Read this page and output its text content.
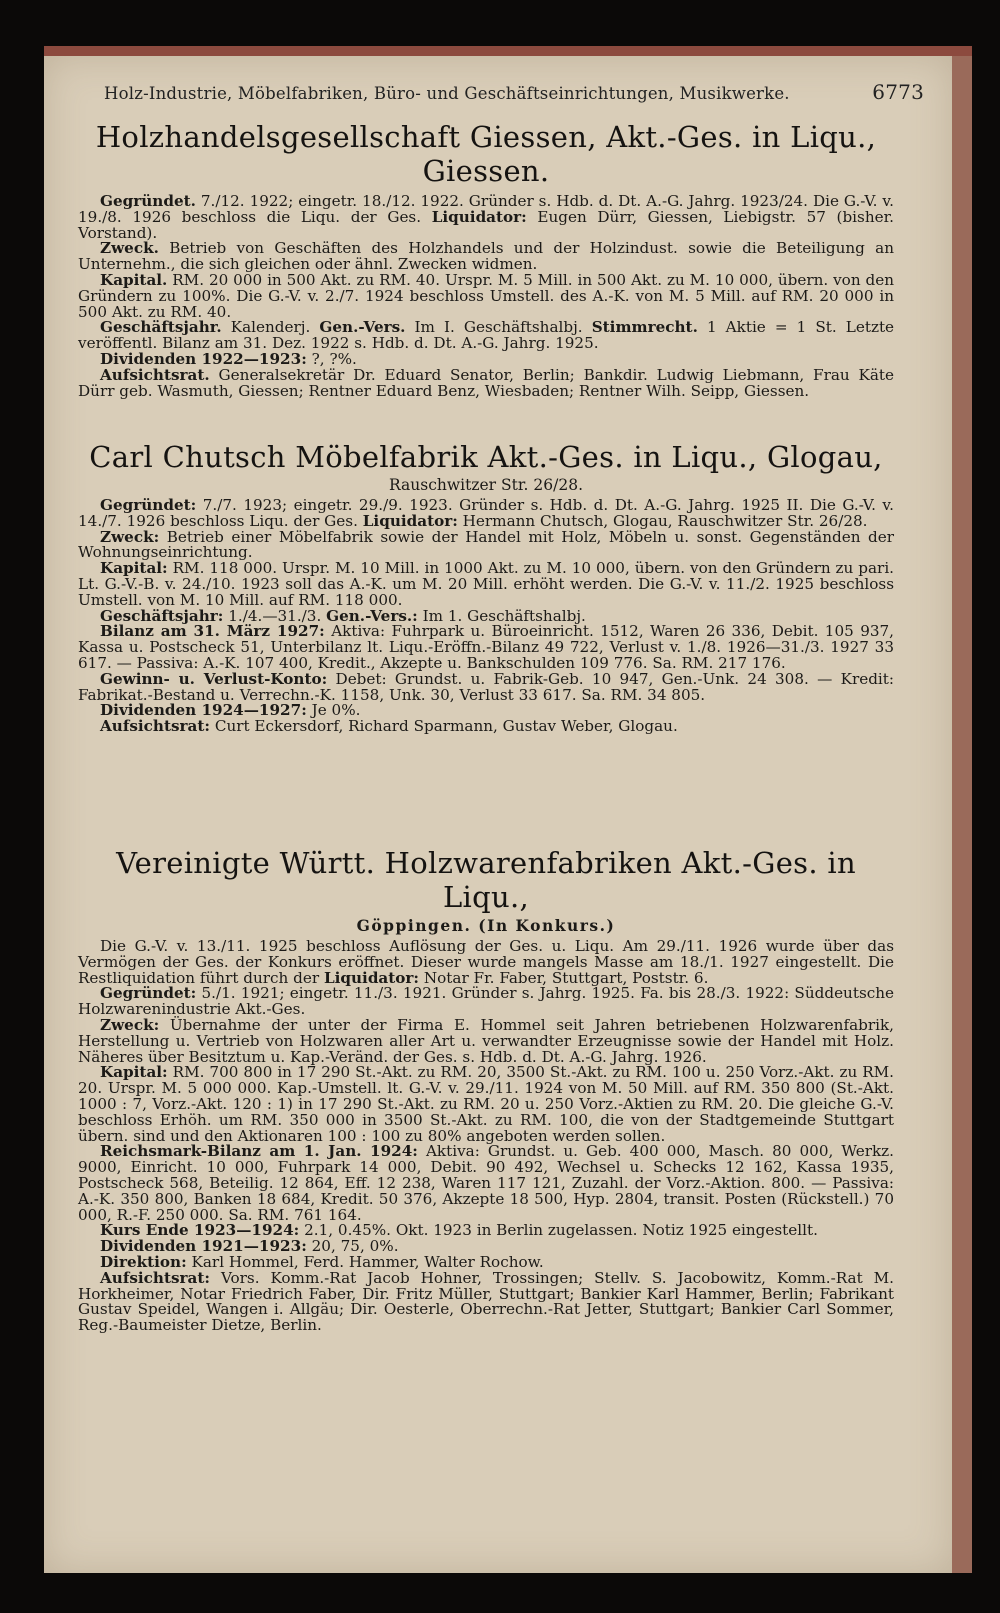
Holz-Industrie, Möbelfabriken, Büro- und Geschäftseinrichtungen, Musikwerke.	6773
Holzhandelsgesellschaft Giessen, Akt.-Ges. in Liqu., Giessen.

Gegründet. 7./12. 1922; eingetr. 18./12. 1922. Gründer s. Hdb. d. Dt. A.-G. Jahrg. 1923/24. Die G.-V. v. 19./8. 1926 beschloss die Liqu. der Ges. Liquidator: Eugen Dürr, Giessen, Liebigstr. 57 (bisher. Vorstand).

Zweck. Betrieb von Geschäften des Holzhandels und der Holzindust. sowie die Beteiligung an Unternehm., die sich gleichen oder ähnl. Zwecken widmen.

Kapital. RM. 20 000 in 500 Akt. zu RM. 40. Urspr. M. 5 Mill. in 500 Akt. zu M. 10 000, übern. von den Gründern zu 100%. Die G.-V. v. 2./7. 1924 beschloss Umstell. des A.-K. von M. 5 Mill. auf RM. 20 000 in 500 Akt. zu RM. 40.

Geschäftsjahr. Kalenderj. Gen.-Vers. Im I. Geschäftshalbj. Stimmrecht. 1 Aktie = 1 St. Letzte veröffentl. Bilanz am 31. Dez. 1922 s. Hdb. d. Dt. A.-G. Jahrg. 1925.

Dividenden 1922—1923: ?, ?%.

Aufsichtsrat. Generalsekretär Dr. Eduard Senator, Berlin; Bankdir. Ludwig Liebmann, Frau Käte Dürr geb. Wasmuth, Giessen; Rentner Eduard Benz, Wiesbaden; Rentner Wilh. Seipp, Giessen.

Carl Chutsch Möbelfabrik Akt.-Ges. in Liqu., Glogau,
Rauschwitzer Str. 26/28.

Gegründet: 7./7. 1923; eingetr. 29./9. 1923. Gründer s. Hdb. d. Dt. A.-G. Jahrg. 1925 II. Die G.-V. v. 14./7. 1926 beschloss Liqu. der Ges. Liquidator: Hermann Chutsch, Glogau, Rauschwitzer Str. 26/28.

Zweck: Betrieb einer Möbelfabrik sowie der Handel mit Holz, Möbeln u. sonst. Gegenständen der Wohnungseinrichtung.

Kapital: RM. 118 000. Urspr. M. 10 Mill. in 1000 Akt. zu M. 10 000, übern. von den Gründern zu pari. Lt. G.-V.-B. v. 24./10. 1923 soll das A.-K. um M. 20 Mill. erhöht werden. Die G.-V. v. 11./2. 1925 beschloss Umstell. von M. 10 Mill. auf RM. 118 000.

Geschäftsjahr: 1./4.—31./3. Gen.-Vers.: Im 1. Geschäftshalbj.

Bilanz am 31. März 1927: Aktiva: Fuhrpark u. Büroeinricht. 1512, Waren 26 336, Debit. 105 937, Kassa u. Postscheck 51, Unterbilanz lt. Liqu.-Eröffn.-Bilanz 49 722, Verlust v. 1./8. 1926—31./3. 1927 33 617. — Passiva: A.-K. 107 400, Kredit., Akzepte u. Bankschulden 109 776. Sa. RM. 217 176.

Gewinn- u. Verlust-Konto: Debet: Grundst. u. Fabrik-Geb. 10 947, Gen.-Unk. 24 308. — Kredit: Fabrikat.-Bestand u. Verrechn.-K. 1158, Unk. 30, Verlust 33 617. Sa. RM. 34 805.

Dividenden 1924—1927: Je 0%.

Aufsichtsrat: Curt Eckersdorf, Richard Sparmann, Gustav Weber, Glogau.

Vereinigte Württ. Holzwarenfabriken Akt.-Ges. in Liqu.,
Göppingen. (In Konkurs.)

Die G.-V. v. 13./11. 1925 beschloss Auflösung der Ges. u. Liqu. Am 29./11. 1926 wurde über das Vermögen der Ges. der Konkurs eröffnet. Dieser wurde mangels Masse am 18./1. 1927 eingestellt. Die Restliquidation führt durch der Liquidator: Notar Fr. Faber, Stuttgart, Poststr. 6.

Gegründet: 5./1. 1921; eingetr. 11./3. 1921. Gründer s. Jahrg. 1925. Fa. bis 28./3. 1922: Süddeutsche Holzwarenindustrie Akt.-Ges.

Zweck: Übernahme der unter der Firma E. Hommel seit Jahren betriebenen Holzwarenfabrik, Herstellung u. Vertrieb von Holzwaren aller Art u. verwandter Erzeugnisse sowie der Handel mit Holz. Näheres über Besitztum u. Kap.-Veränd. der Ges. s. Hdb. d. Dt. A.-G. Jahrg. 1926.

Kapital: RM. 700 800 in 17 290 St.-Akt. zu RM. 20, 3500 St.-Akt. zu RM. 100 u. 250 Vorz.-Akt. zu RM. 20. Urspr. M. 5 000 000. Kap.-Umstell. lt. G.-V. v. 29./11. 1924 von M. 50 Mill. auf RM. 350 800 (St.-Akt. 1000 : 7, Vorz.-Akt. 120 : 1) in 17 290 St.-Akt. zu RM. 20 u. 250 Vorz.-Aktien zu RM. 20. Die gleiche G.-V. beschloss Erhöh. um RM. 350 000 in 3500 St.-Akt. zu RM. 100, die von der Stadtgemeinde Stuttgart übern. sind und den Aktionaren 100 : 100 zu 80% angeboten werden sollen.

Reichsmark-Bilanz am 1. Jan. 1924: Aktiva: Grundst. u. Geb. 400 000, Masch. 80 000, Werkz. 9000, Einricht. 10 000, Fuhrpark 14 000, Debit. 90 492, Wechsel u. Schecks 12 162, Kassa 1935, Postscheck 568, Beteilig. 12 864, Eff. 12 238, Waren 117 121, Zuzahl. der Vorz.-Aktion. 800. — Passiva: A.-K. 350 800, Banken 18 684, Kredit. 50 376, Akzepte 18 500, Hyp. 2804, transit. Posten (Rückstell.) 70 000, R.-F. 250 000. Sa. RM. 761 164.

Kurs Ende 1923—1924: 2.1, 0.45%. Okt. 1923 in Berlin zugelassen. Notiz 1925 eingestellt.

Dividenden 1921—1923: 20, 75, 0%.

Direktion: Karl Hommel, Ferd. Hammer, Walter Rochow.

Aufsichtsrat: Vors. Komm.-Rat Jacob Hohner, Trossingen; Stellv. S. Jacobowitz, Komm.-Rat M. Horkheimer, Notar Friedrich Faber, Dir. Fritz Müller, Stuttgart; Bankier Karl Hammer, Berlin; Fabrikant Gustav Speidel, Wangen i. Allgäu; Dir. Oesterle, Oberrechn.-Rat Jetter, Stuttgart; Bankier Carl Sommer, Reg.-Baumeister Dietze, Berlin.
